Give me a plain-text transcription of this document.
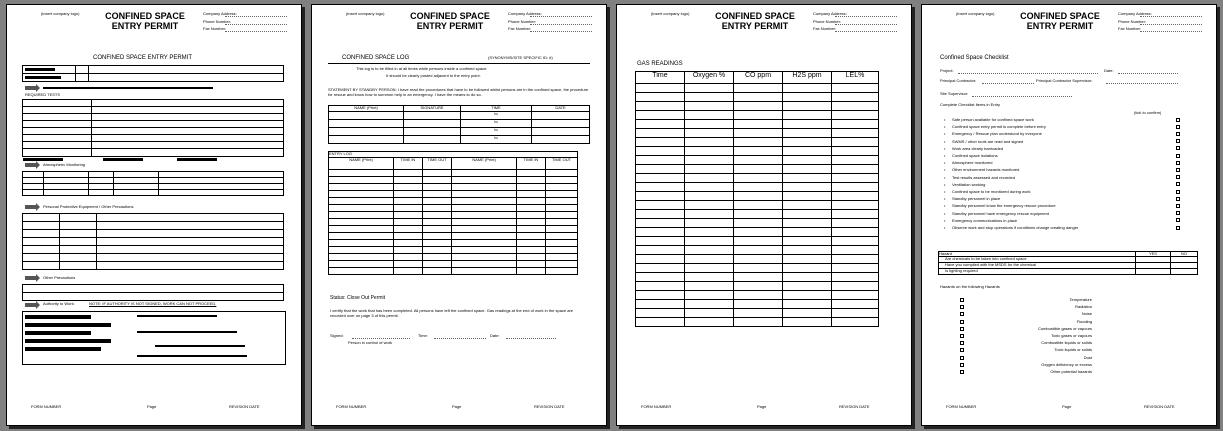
(insert company logo)	CONFINED SPACE
ENTRY PERMIT
Company Address:
Phone Number:
Fax Number:
CONFINED SPACE ENTRY PERMIT

REQUIRED TESTS

Atmospheric Monitoring

Personal Protective Equipment / Other Precautions

Other Precautions

Authority to Work:	NOTE: IF AUTHORITY IS NOT SIGNED, WORK CAN NOT PROCEED.
FORM NUMBER	Page	REVISION DATE
(insert company logo)	CONFINED SPACE
ENTRY PERMIT
Company Address:
Phone Number:
Fax Number:
CONFINED SPACE LOG	(SYNONYMS/SITE SPECIFIC ID: #)
This log is to be filled in at all times while persons inside a confined space.
It should be clearly posted adjacent to the entry point.
STATEMENT BY STANDBY PERSON: I have read the procedures that have to be followed whilst persons are in the confined space, the procedure for rescue and know how to summon help in an emergency. I have the means to do so.
NAME (Print)	SIGNATURE	TIME	DATE
		to	
		to	
		to	
		to	
ENTRY LOG					
NAME (Print)	TIME IN	TIME OUT	NAME (Print)	TIME IN	TIME OUT

Status: Close Out Permit
I certify that the work that has been completed. All persons have left the confined space. Gas readings at the end of work in the space are recorded over on page 3 of this permit.
Signed:	Time:	Date:
Person in control of work
FORM NUMBER	Page	REVISION DATE
(insert company logo)	CONFINED SPACE
ENTRY PERMIT
Company Address:
Phone Number:
Fax Number:
GAS READINGS
Time	Oxygen %	CO ppm	H2S ppm	LEL%

FORM NUMBER	Page	REVISION DATE
(insert company logo)	CONFINED SPACE
ENTRY PERMIT
Company Address:
Phone Number:
Fax Number:
Confined Space Checklist
Project:	Date:
Principal Contractor:	Principal Contractor Supervisor:
Site Supervisor:
Complete Checklist Items in Entry
(tick to confirm)
• Safe person available for confined space work
• Confined space entry permit is complete before entry
• Emergency / Rescue plan understood by everyone
• SWMS / other tools are read and signed
• Work area clearly barricaded
• Confined space isolations
• Atmosphere monitored
• Other environment hazards monitored
• Test results assessed and recorded
• Ventilation working
• Confined space to be monitored during work
• Standby personnel in place
• Standby personnel know the emergency rescue procedure
• Standby personnel have emergency rescue equipment
• Emergency communications in place
• Observe work and stop operations if conditions change creating danger
Hazard	YES	NO
Are chemicals to be taken into confined space		
Have you complied with the MSDS for the chemical		
Is lighting required		
Hazards on the following Hazards
Temperature
Radiation
Noise
Flooding
Combustible gases or vapours
Toxic gases or vapours
Combustible liquids or solids
Toxic liquids or solids
Dust
Oxygen deficiency or excess
Other potential hazards
FORM NUMBER	Page	REVISION DATE
